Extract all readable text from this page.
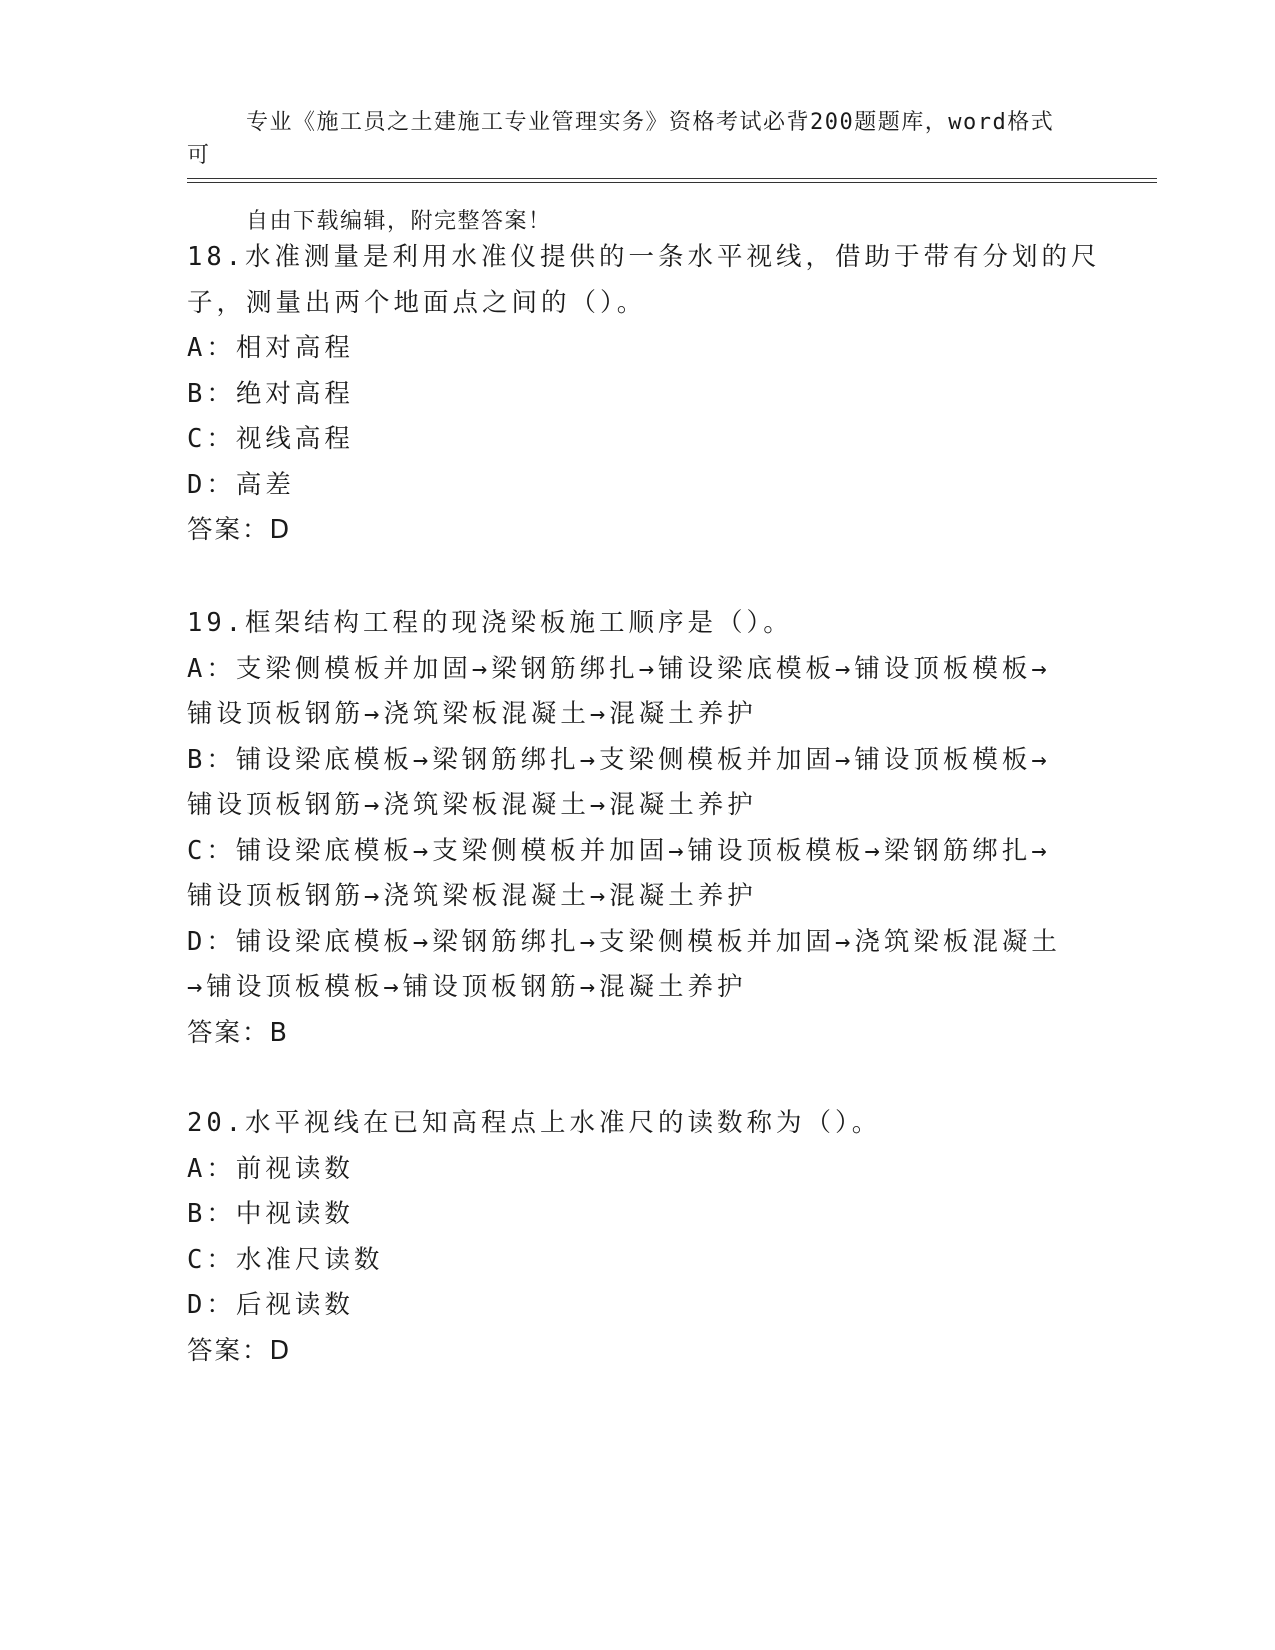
专业《施工员之土建施工专业管理实务》资格考试必背200题题库，word格式可

自由下载编辑，附完整答案！

18.水准测量是利用水准仪提供的一条水平视线，借助于带有分划的尺
子，测量出两个地面点之间的（）。
A：相对高程
B：绝对高程
C：视线高程
D：高差
答案：D
19.框架结构工程的现浇梁板施工顺序是（）。
A：支梁侧模板并加固→梁钢筋绑扎→铺设梁底模板→铺设顶板模板→
铺设顶板钢筋→浇筑梁板混凝土→混凝土养护
B：铺设梁底模板→梁钢筋绑扎→支梁侧模板并加固→铺设顶板模板→
铺设顶板钢筋→浇筑梁板混凝土→混凝土养护
C：铺设梁底模板→支梁侧模板并加固→铺设顶板模板→梁钢筋绑扎→
铺设顶板钢筋→浇筑梁板混凝土→混凝土养护
D：铺设梁底模板→梁钢筋绑扎→支梁侧模板并加固→浇筑梁板混凝土
→铺设顶板模板→铺设顶板钢筋→混凝土养护
答案：B
20.水平视线在已知高程点上水准尺的读数称为（）。
A：前视读数
B：中视读数
C：水准尺读数
D：后视读数
答案：D
